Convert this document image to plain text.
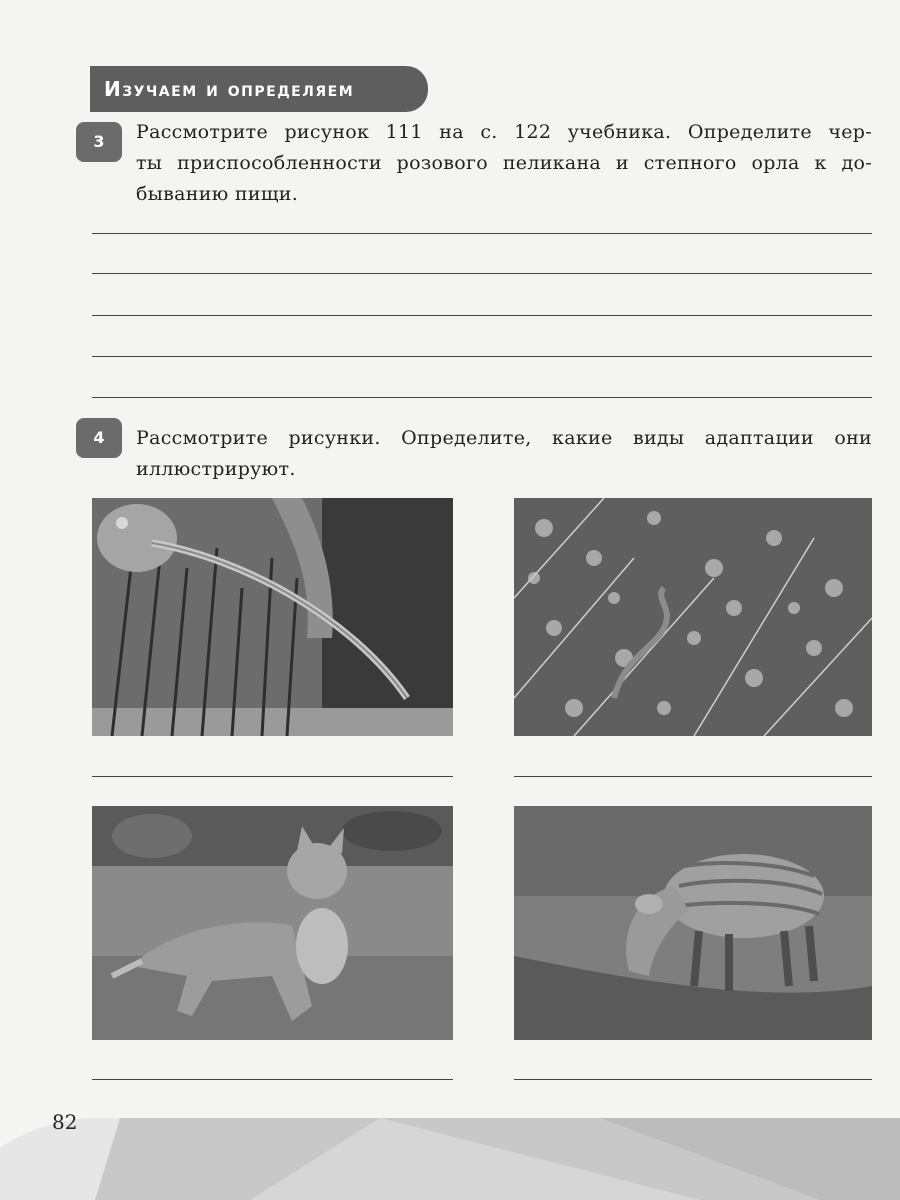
Изучаем и определяем
3	Рассмотрите рисунок 111 на с. 122 учебника. Определите чер-
ты приспособленности розового пеликана и степного орла к до-
быванию пищи.
4	Рассмотрите рисунки. Определите, какие виды адаптации они
иллюстрируют.
82
